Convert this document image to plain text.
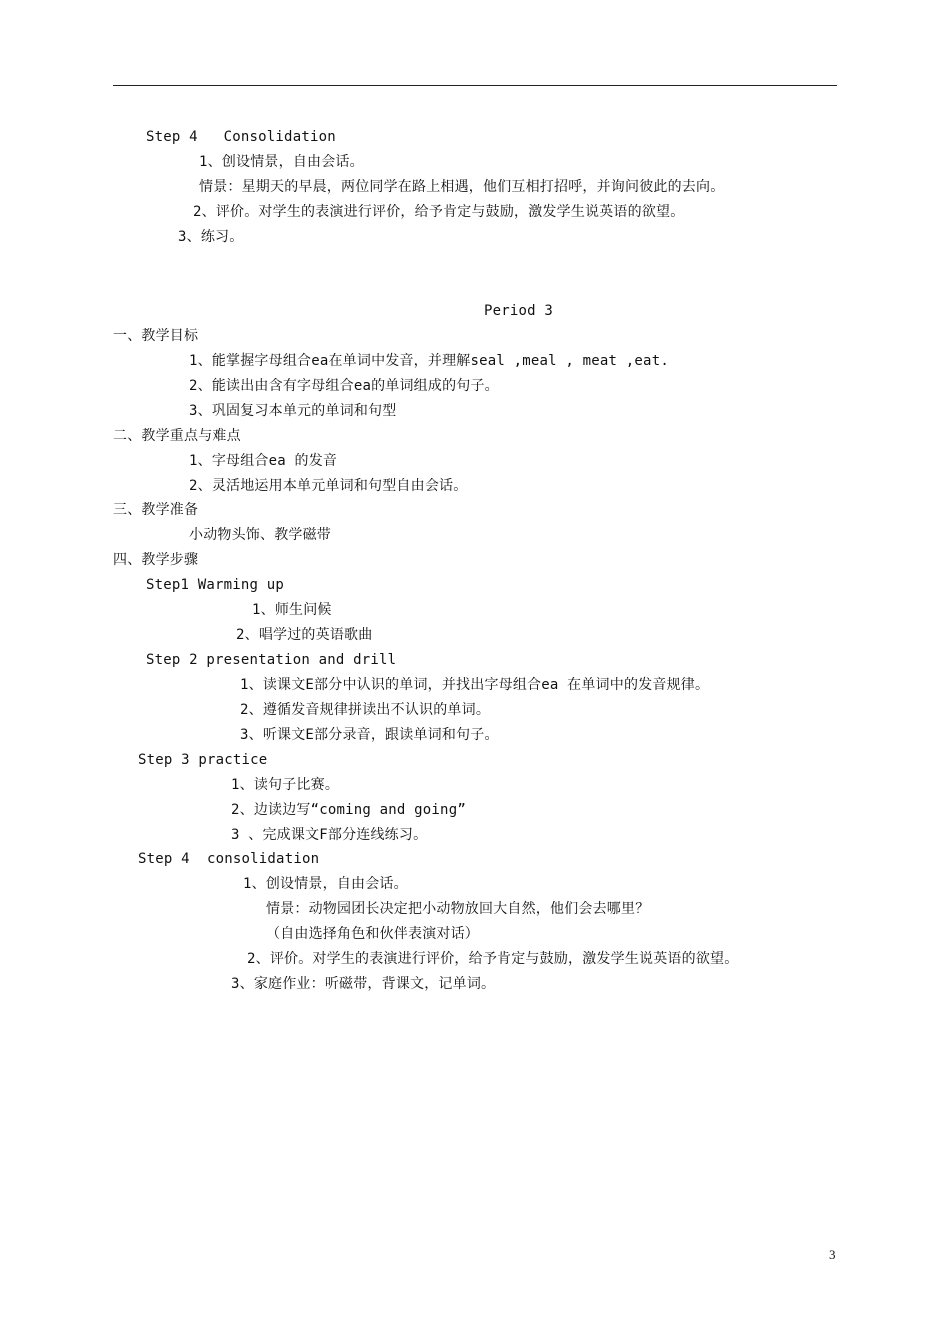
Step 4   Consolidation
1、创设情景，自由会话。
情景：星期天的早晨，两位同学在路上相遇，他们互相打招呼，并询问彼此的去向。
2、评价。对学生的表演进行评价，给予肯定与鼓励，激发学生说英语的欲望。
3、练习。
Period 3
一、教学目标
1、能掌握字母组合ea在单词中发音，并理解seal ,meal , meat ,eat.
2、能读出由含有字母组合ea的单词组成的句子。
3、巩固复习本单元的单词和句型
二、教学重点与难点
1、字母组合ea 的发音
2、灵活地运用本单元单词和句型自由会话。
三、教学准备
小动物头饰、教学磁带
四、教学步骤
Step1 Warming up
1、师生问候
2、唱学过的英语歌曲
Step 2 presentation and drill
1、读课文E部分中认识的单词，并找出字母组合ea 在单词中的发音规律。
2、遵循发音规律拼读出不认识的单词。
3、听课文E部分录音，跟读单词和句子。
Step 3 practice
1、读句子比赛。
2、边读边写“coming and going”
3 、完成课文F部分连线练习。
Step 4  consolidation
1、创设情景，自由会话。
情景：动物园团长决定把小动物放回大自然，他们会去哪里？
（自由选择角色和伙伴表演对话）
2、评价。对学生的表演进行评价，给予肯定与鼓励，激发学生说英语的欲望。
3、家庭作业：听磁带，背课文，记单词。
3
